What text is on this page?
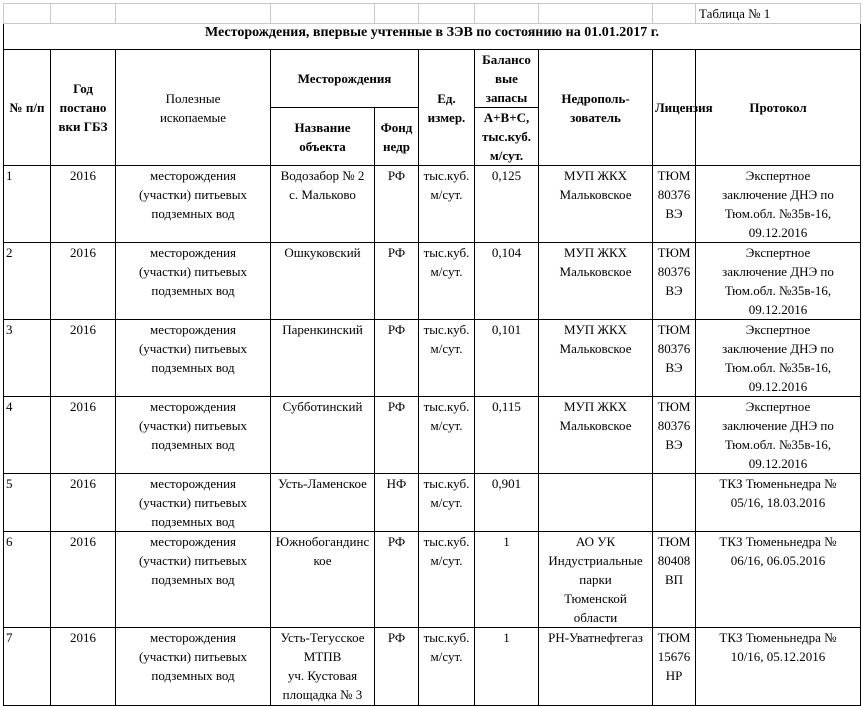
									Таблица № 1
Месторождения, впервые учтенные в ЗЭВ по состоянию на 01.01.2017 г.									
№ п/п	Год
постано
вки ГБЗ	Полезные
ископаемые	Месторождения		Ед.
измер.	Балансо
вые
запасы	Недрополь-
зователь	Лицензия	Протокол

			Название
объекта	Фонд
недр		А+В+С,
тыс.куб.
м/сут.			

1	2016	месторождения
(участки) питьевых
подземных вод	Водозабор № 2
с. Мальково	РФ	тыс.куб.
м/сут.	0,125	МУП ЖКХ
Мальковское	ТЮМ
80376
ВЭ	Экспертное
заключение ДНЭ по
Тюм.обл. №35в-16,
09.12.2016

2	2016	месторождения
(участки) питьевых
подземных вод	Ошкуковский	РФ	тыс.куб.
м/сут.	0,104	МУП ЖКХ
Мальковское	ТЮМ
80376
ВЭ	Экспертное
заключение ДНЭ по
Тюм.обл. №35в-16,
09.12.2016

3	2016	месторождения
(участки) питьевых
подземных вод	Паренкинский	РФ	тыс.куб.
м/сут.	0,101	МУП ЖКХ
Мальковское	ТЮМ
80376
ВЭ	Экспертное
заключение ДНЭ по
Тюм.обл. №35в-16,
09.12.2016

4	2016	месторождения
(участки) питьевых
подземных вод	Субботинский	РФ	тыс.куб.
м/сут.	0,115	МУП ЖКХ
Мальковское	ТЮМ
80376
ВЭ	Экспертное
заключение ДНЭ по
Тюм.обл. №35в-16,
09.12.2016

5	2016	месторождения
(участки) питьевых
подземных вод	Усть-Ламенское	НФ	тыс.куб.
м/сут.	0,901			ТКЗ Тюменьнедра №
05/16, 18.03.2016

6	2016	месторождения
(участки) питьевых
подземных вод	Южнобогандинс
кое	РФ	тыс.куб.
м/сут.	1	АО УК
Индустриальные
парки
Тюменской
области	ТЮМ
80408
ВП	ТКЗ Тюменьнедра №
06/16, 06.05.2016

7	2016	месторождения
(участки) питьевых
подземных вод	Усть-Тегусское
МТПВ
уч. Кустовая
площадка № 3	РФ	тыс.куб.
м/сут.	1	РН-Уватнефтегаз	ТЮМ
15676
НР	ТКЗ Тюменьнедра №
10/16, 05.12.2016
